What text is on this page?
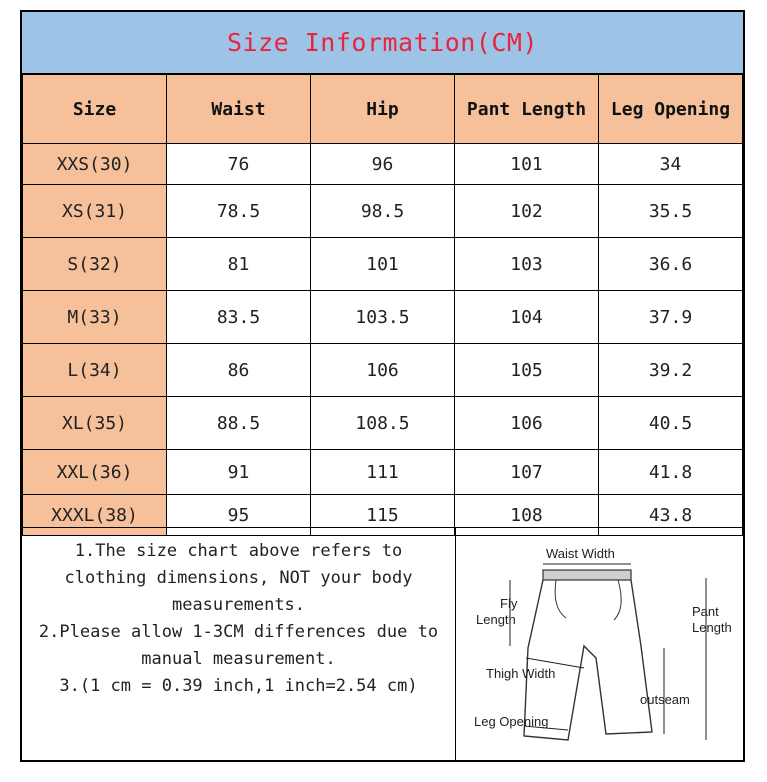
Size Information(CM)
Size	Waist	Hip	Pant Length	Leg Opening
XXS(30)	76	96	101	34
XS(31)	78.5	98.5	102	35.5
S(32)	81	101	103	36.6
M(33)	83.5	103.5	104	37.9
L(34)	86	106	105	39.2
XL(35)	88.5	108.5	106	40.5
XXL(36)	91	111	107	41.8
XXXL(38)	95	115	108	43.8

1.The size chart above refers to clothing dimensions, NOT your body measurements.

2.Please allow 1-3CM differences due to manual measurement.

3.(1 cm = 0.39 inch,1 inch=2.54 cm)

Waist Width
Fly
Length
Pant
Length
Thigh Width
outseam
Leg Opening
